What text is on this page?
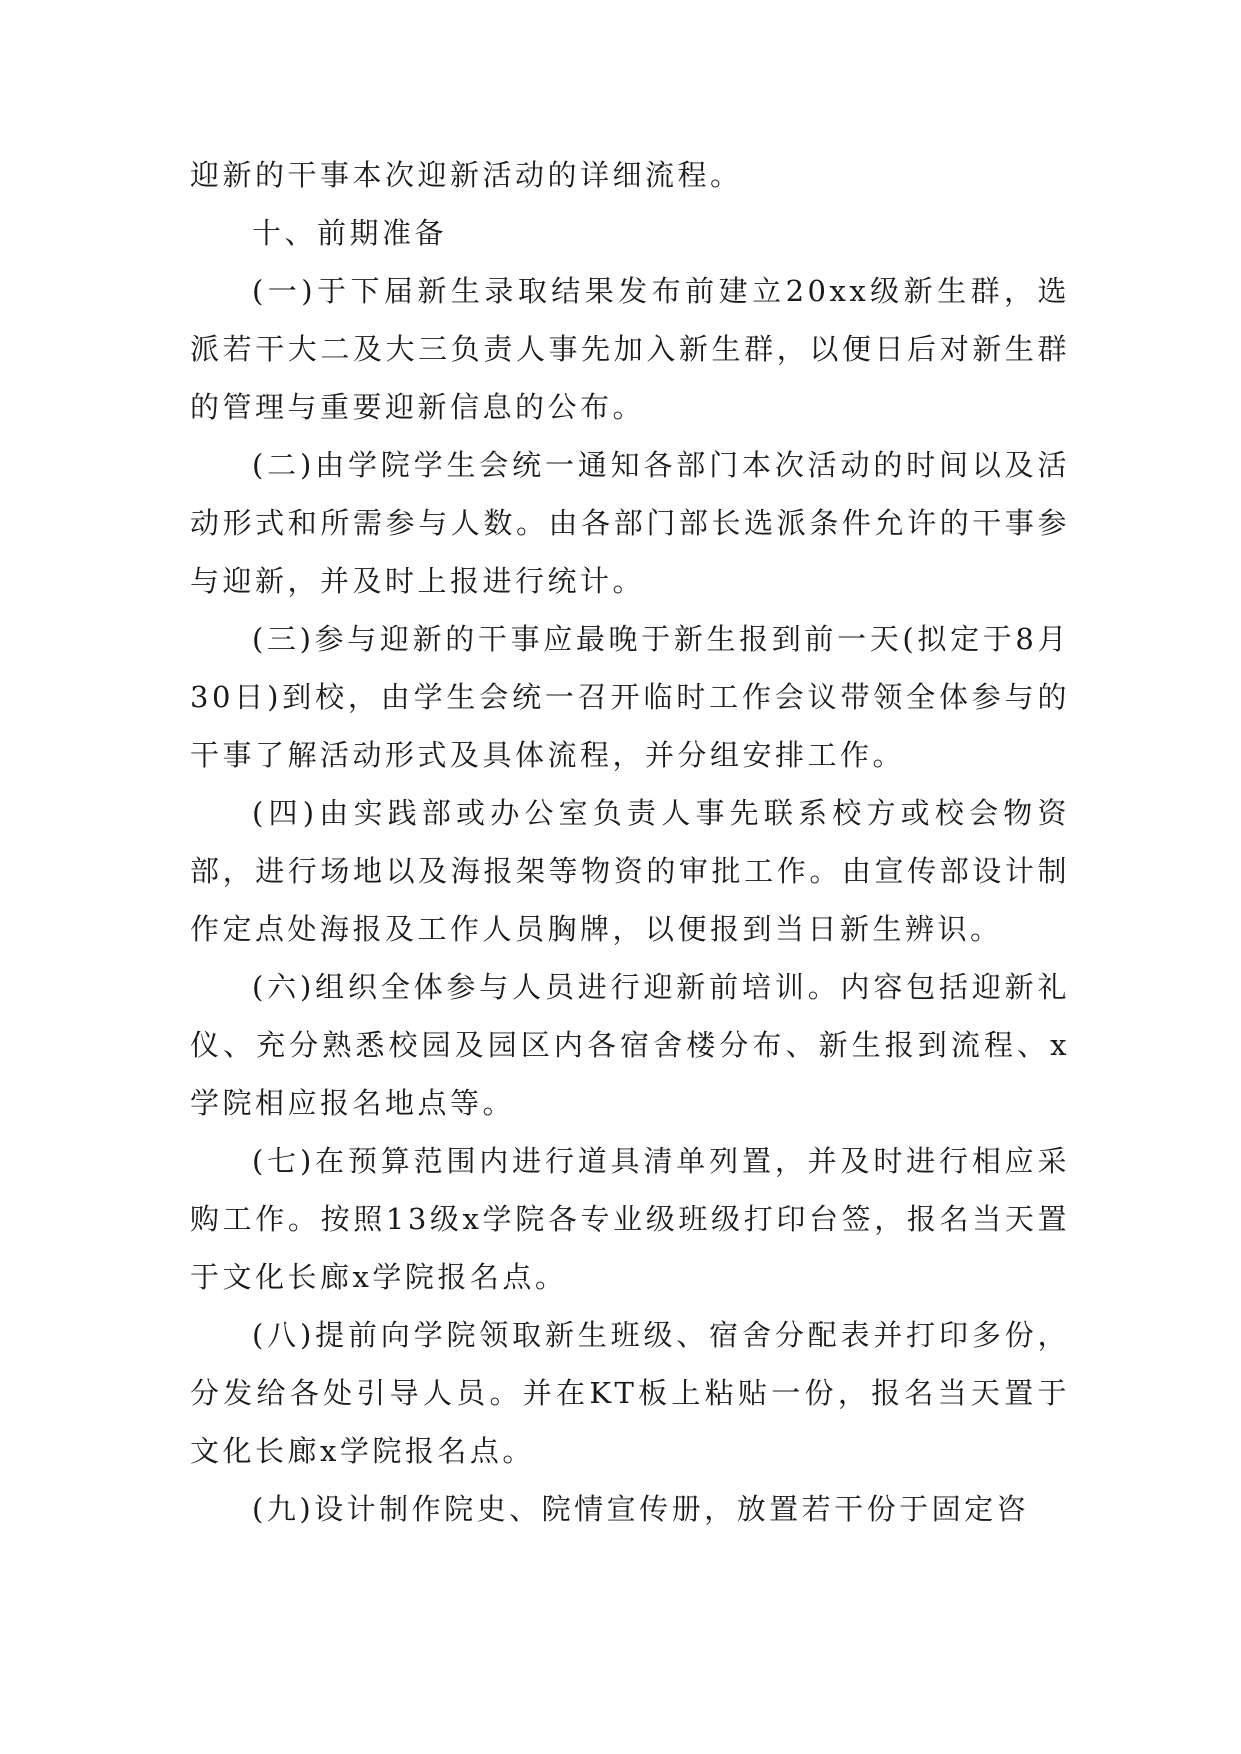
迎新的干事本次迎新活动的详细流程。

十、前期准备

(一)于下届新生录取结果发布前建立20xx级新生群，选派若干大二及大三负责人事先加入新生群，以便日后对新生群的管理与重要迎新信息的公布。

(二)由学院学生会统一通知各部门本次活动的时间以及活动形式和所需参与人数。由各部门部长选派条件允许的干事参与迎新，并及时上报进行统计。

(三)参与迎新的干事应最晚于新生报到前一天(拟定于8月30日)到校，由学生会统一召开临时工作会议带领全体参与的干事了解活动形式及具体流程，并分组安排工作。

(四)由实践部或办公室负责人事先联系校方或校会物资部，进行场地以及海报架等物资的审批工作。由宣传部设计制作定点处海报及工作人员胸牌，以便报到当日新生辨识。

(六)组织全体参与人员进行迎新前培训。内容包括迎新礼仪、充分熟悉校园及园区内各宿舍楼分布、新生报到流程、x学院相应报名地点等。

(七)在预算范围内进行道具清单列置，并及时进行相应采购工作。按照13级x学院各专业级班级打印台签，报名当天置于文化长廊x学院报名点。

(八)提前向学院领取新生班级、宿舍分配表并打印多份，分发给各处引导人员。并在KT板上粘贴一份，报名当天置于文化长廊x学院报名点。

(九)设计制作院史、院情宣传册，放置若干份于固定咨
